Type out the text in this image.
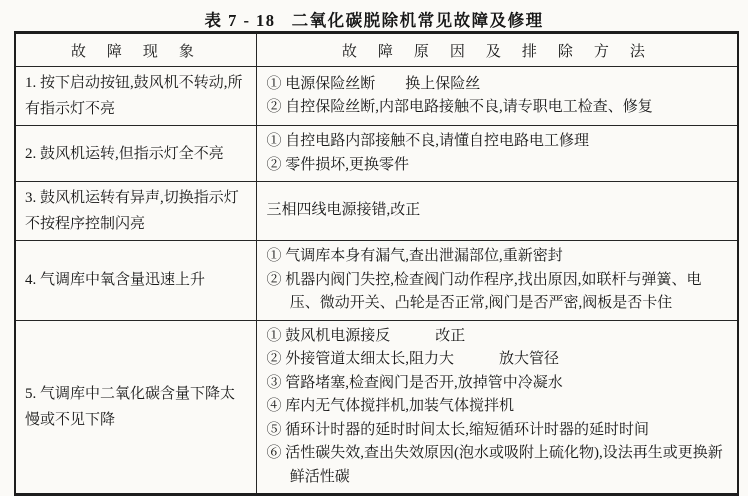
表 7 - 18 二氧化碳脱除机常见故障及修理
故 障 现 象	故 障 原 因 及 排 除 方 法
1. 按下启动按钮,鼓风机不转动,所有指示灯不亮	① 电源保险丝断　　换上保险丝

② 自控保险丝断,内部电路接触不良,请专职电工检查、修复

2. 鼓风机运转,但指示灯全不亮	① 自控电路内部接触不良,请懂自控电路电工修理

② 零件损坏,更换零件

3. 鼓风机运转有异声,切换指示灯不按程序控制闪亮	三相四线电源接错,改正

4. 气调库中氧含量迅速上升	① 气调库本身有漏气,查出泄漏部位,重新密封

② 机器内阀门失控,检查阀门动作程序,找出原因,如联杆与弹簧、电压、微动开关、凸轮是否正常,阀门是否严密,阀板是否卡住

5. 气调库中二氧化碳含量下降太慢或不见下降	

① 鼓风机电源接反　　　改正

② 外接管道太细太长,阻力大　　　放大管径

③ 管路堵塞,检查阀门是否开,放掉管中冷凝水

④ 库内无气体搅拌机,加装气体搅拌机

⑤ 循环计时器的延时时间太长,缩短循环计时器的延时时间

⑥ 活性碳失效,查出失效原因(泡水或吸附上硫化物),设法再生或更换新鲜活性碳
